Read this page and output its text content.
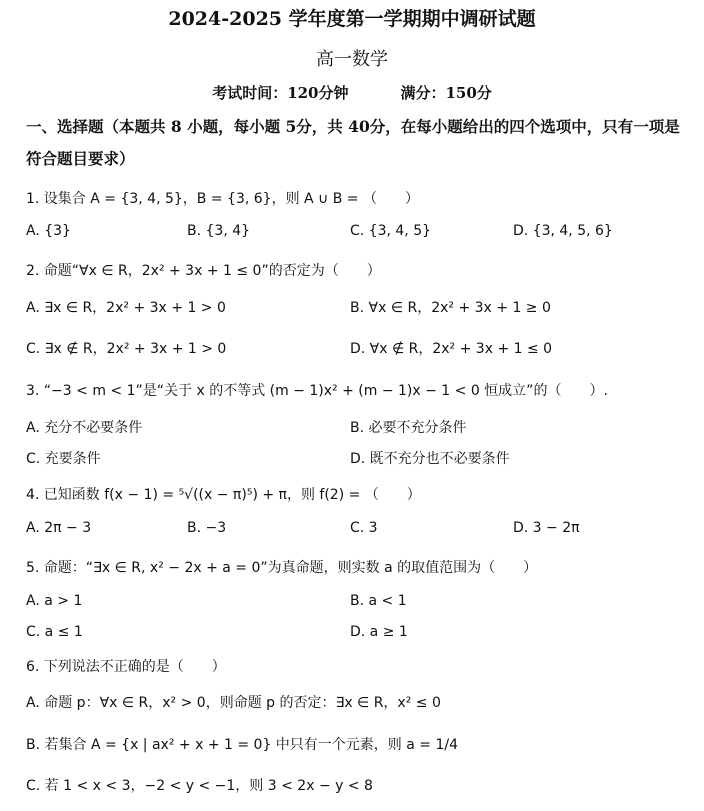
2024-2025 学年度第一学期期中调研试题
高一数学
考试时间：120分钟	满分：150分
一、选择题（本题共 8 小题，每小题 5分，共 40分，在每小题给出的四个选项中，只有一项是符合题目要求）
1. 设集合 A = {3, 4, 5}，B = {3, 6}，则 A ∪ B = （　　）
A. {3}	B. {3, 4}	C. {3, 4, 5}	D. {3, 4, 5, 6}
2. 命题“∀x ∈ R，2x² + 3x + 1 ≤ 0”的否定为（　　）
A. ∃x ∈ R，2x² + 3x + 1 > 0	B. ∀x ∈ R，2x² + 3x + 1 ≥ 0
C. ∃x ∉ R，2x² + 3x + 1 > 0	D. ∀x ∉ R，2x² + 3x + 1 ≤ 0
3. “−3 < m < 1”是“关于 x 的不等式 (m − 1)x² + (m − 1)x − 1 < 0 恒成立”的（　　）.
A. 充分不必要条件	B. 必要不充分条件
C. 充要条件	D. 既不充分也不必要条件
4. 已知函数 f(x − 1) = ⁵√((x − π)⁵) + π，则 f(2) = （　　）
A. 2π − 3	B. −3	C. 3	D. 3 − 2π
5. 命题：“∃x ∈ R, x² − 2x + a = 0”为真命题，则实数 a 的取值范围为（　　）
A. a > 1	B. a < 1
C. a ≤ 1	D. a ≥ 1
6. 下列说法不正确的是（　　）
A. 命题 p：∀x ∈ R，x² > 0，则命题 p 的否定：∃x ∈ R，x² ≤ 0
B. 若集合 A = {x | ax² + x + 1 = 0} 中只有一个元素，则 a = 1/4
C. 若 1 < x < 3，−2 < y < −1，则 3 < 2x − y < 8
